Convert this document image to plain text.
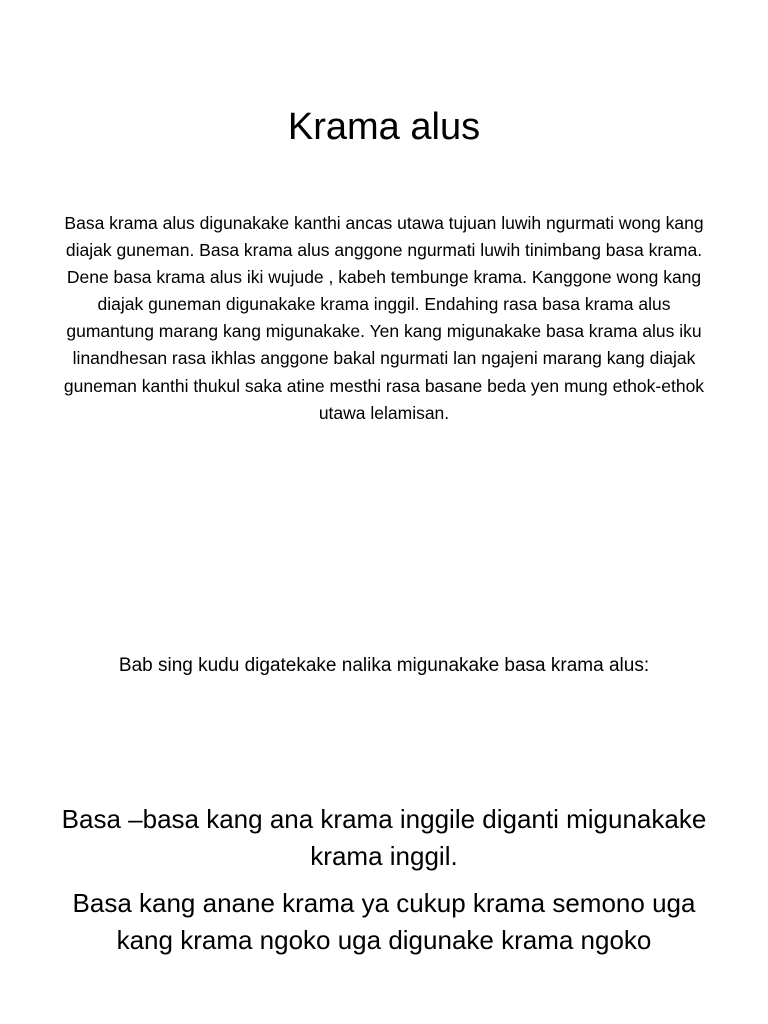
Krama alus

Basa krama alus digunakake kanthi ancas utawa tujuan luwih ngurmati wong kang diajak guneman. Basa krama alus anggone ngurmati luwih tinimbang basa krama. Dene basa krama alus iki wujude , kabeh tembunge krama. Kanggone wong kang diajak guneman digunakake krama inggil. Endahing rasa basa krama alus gumantung marang kang migunakake. Yen kang migunakake basa krama alus iku linandhesan rasa ikhlas anggone bakal ngurmati lan ngajeni marang kang diajak guneman kanthi thukul saka atine mesthi rasa basane beda yen mung ethok-ethok utawa lelamisan.

Bab sing kudu digatekake nalika migunakake basa krama alus:

Basa –basa kang ana krama inggile diganti migunakake krama inggil.
Basa kang anane krama ya cukup krama semono uga kang krama ngoko uga digunake krama ngoko
